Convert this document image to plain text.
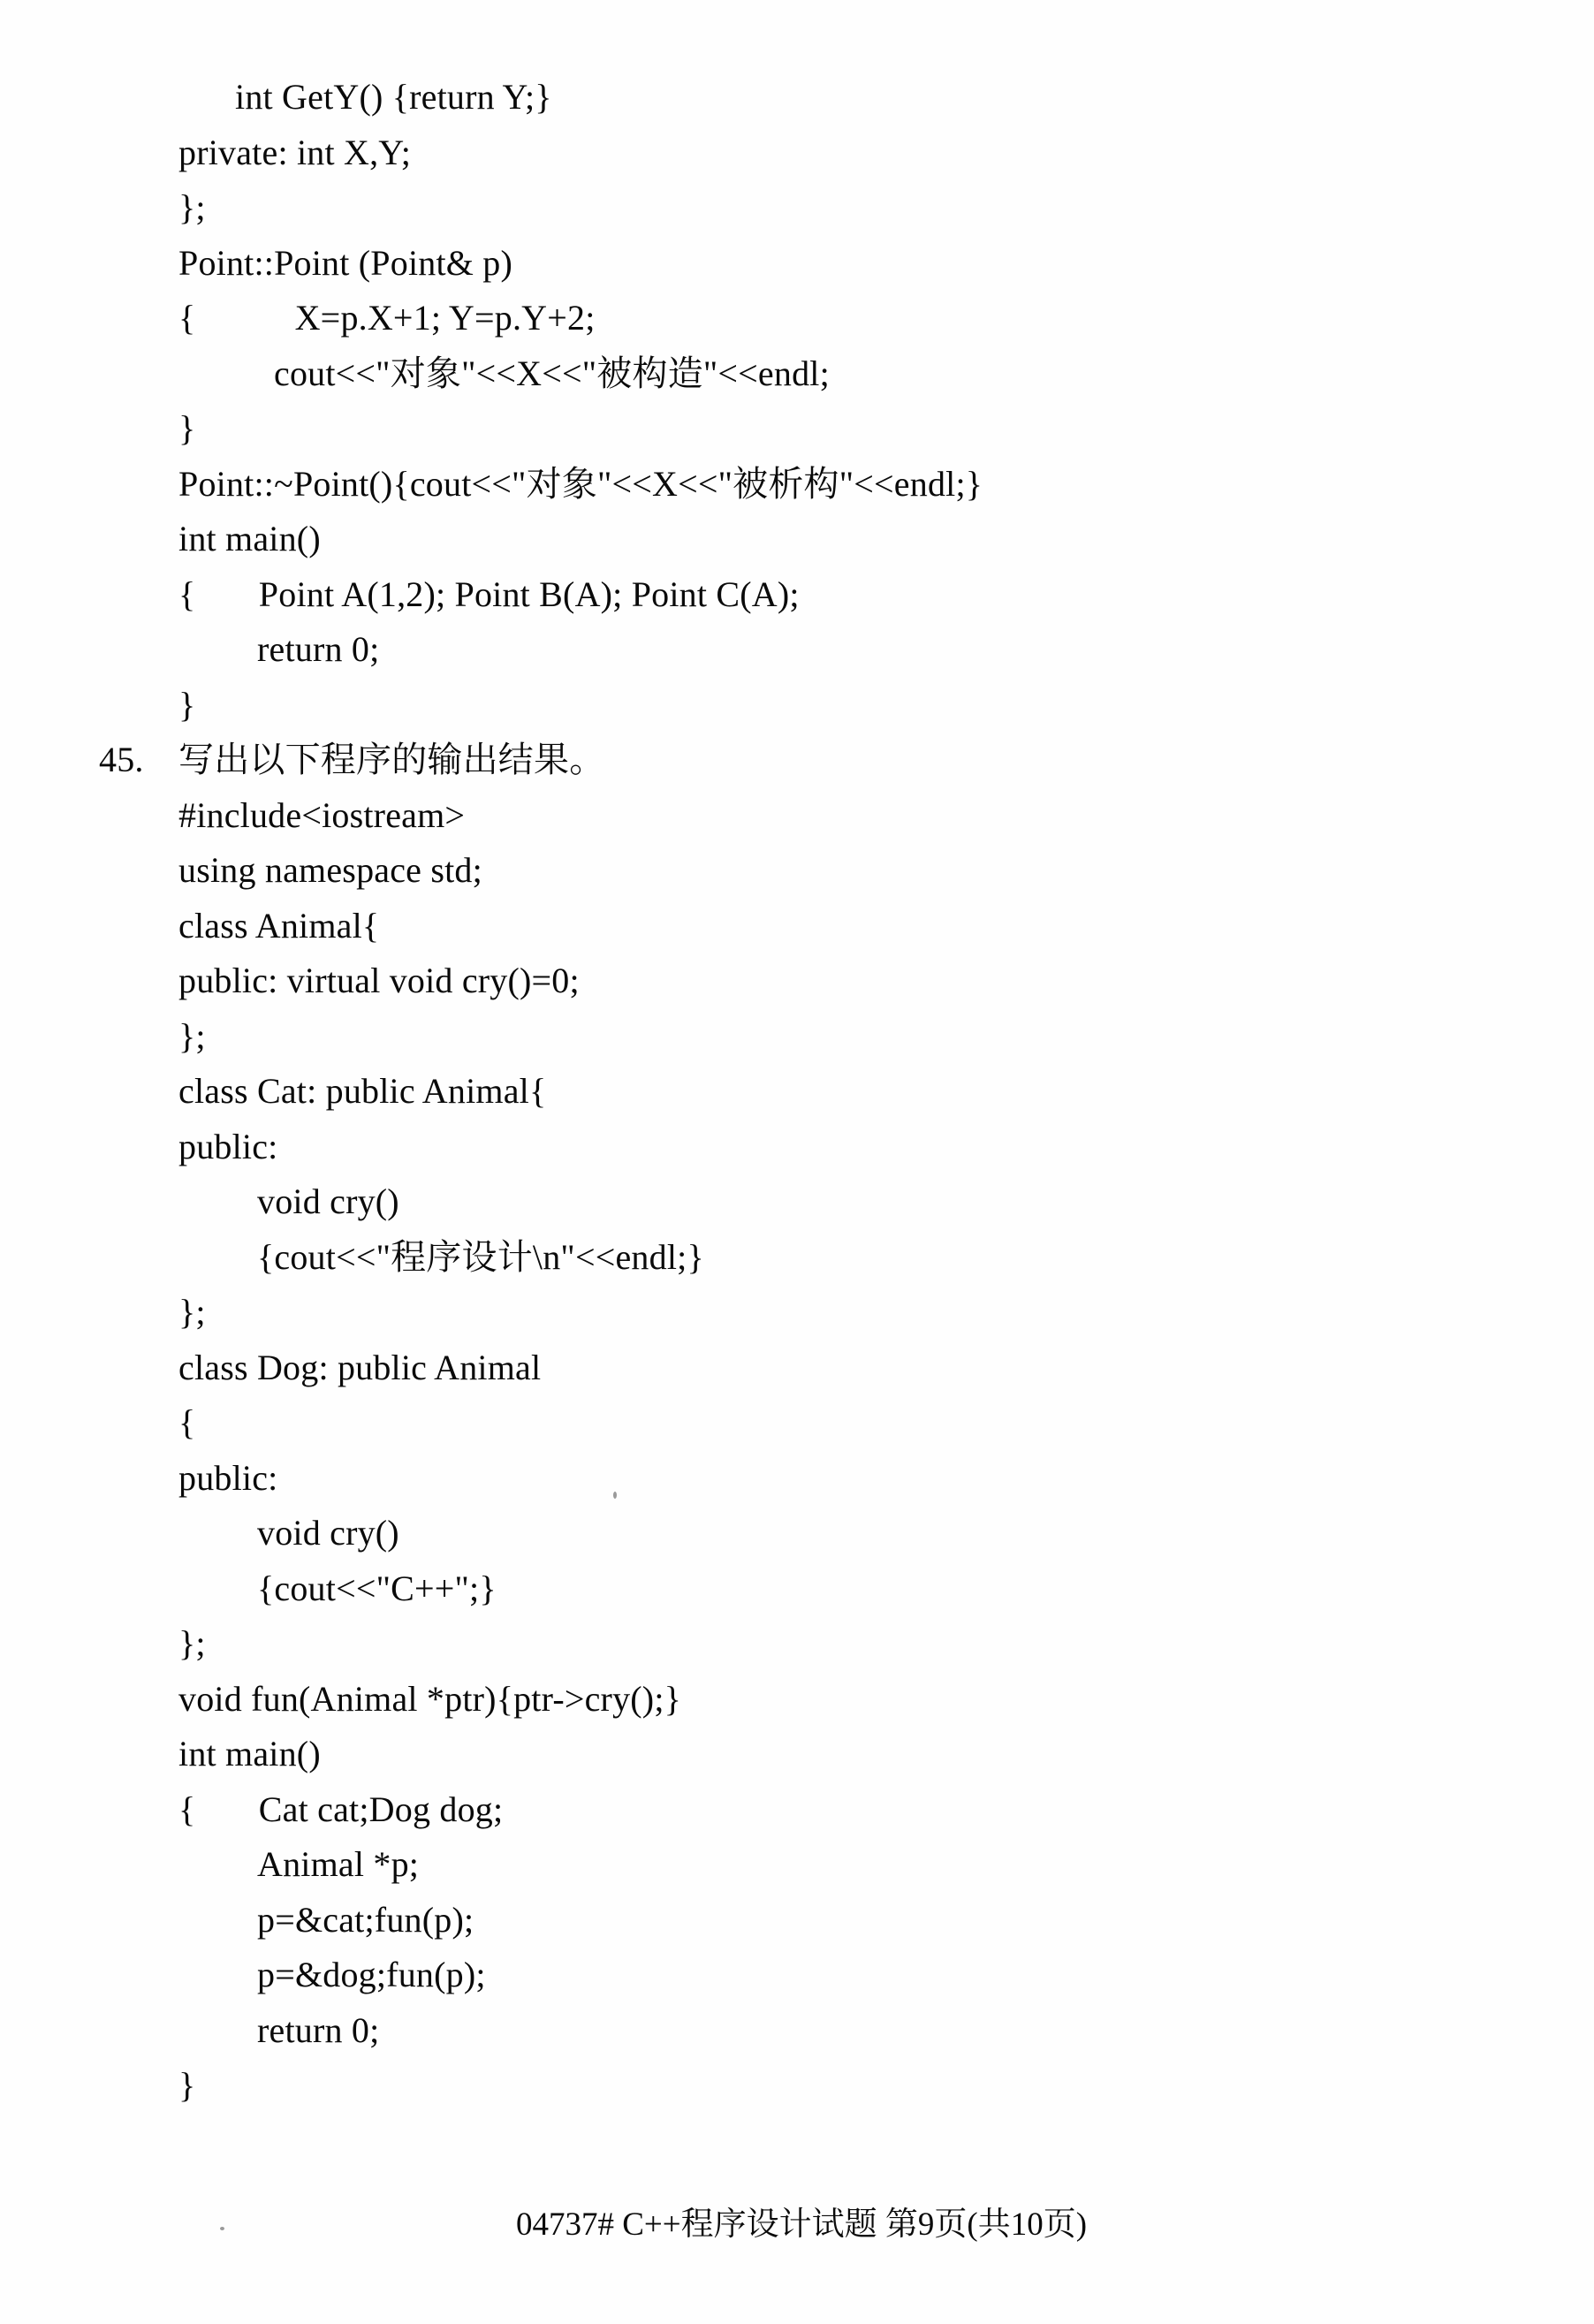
int GetY() {return Y;}
private: int X,Y;
};
Point::Point (Point& p)
{           X=p.X+1; Y=p.Y+2;
cout<<"对象"<<X<<"被构造"<<endl;
}
Point::~Point(){cout<<"对象"<<X<<"被析构"<<endl;}
int main()
{       Point A(1,2); Point B(A); Point C(A);
return 0;
}
45. 写出以下程序的输出结果。
#include<iostream>
using namespace std;
class Animal{
public: virtual void cry()=0;
};
class Cat: public Animal{
public:
void cry()
{cout<<"程序设计\n"<<endl;}
};
class Dog: public Animal
{
public:
void cry()
{cout<<"C++";}
};
void fun(Animal *ptr){ptr->cry();}
int main()
{       Cat cat;Dog dog;
Animal *p;
p=&cat;fun(p);
p=&dog;fun(p);
return 0;
}
04737# C++程序设计试题 第9页(共10页)
